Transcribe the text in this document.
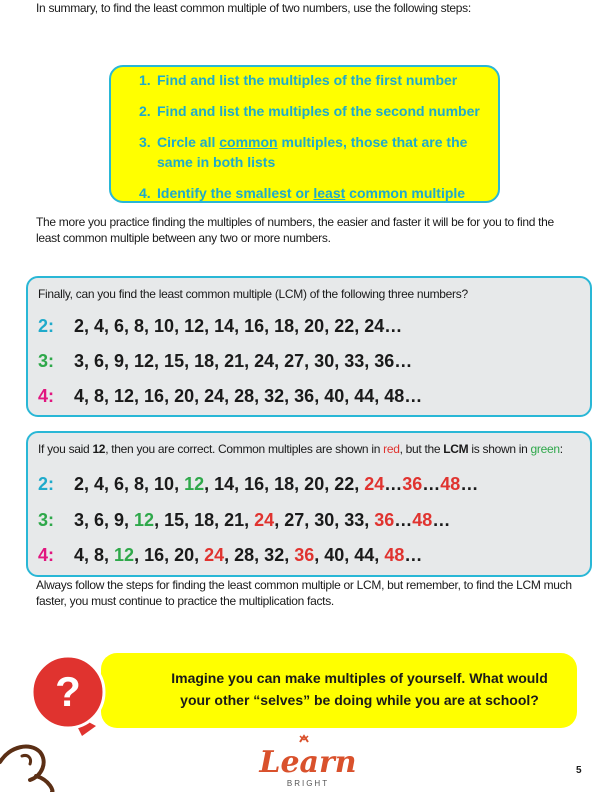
In summary, to find the least common multiple of two numbers, use the following steps:
1. Find and list the multiples of the first number
2. Find and list the multiples of the second number
3. Circle all common multiples, those that are the
same in both lists
4. Identify the smallest or least common multiple
The more you practice finding the multiples of numbers, the easier and faster it will be for you to find the least common multiple between any two or more numbers.
Finally, can you find the least common multiple (LCM) of the following three numbers?
2: 2, 4, 6, 8, 10, 12, 14, 16, 18, 20, 22, 24…
3: 3, 6, 9, 12, 15, 18, 21, 24, 27, 30, 33, 36…
4: 4, 8, 12, 16, 20, 24, 28, 32, 36, 40, 44, 48…
If you said 12, then you are correct. Common multiples are shown in red, but the LCM is shown in green:
2: 2, 4, 6, 8, 10, 12, 14, 16, 18, 20, 22, 24…36…48…
3: 3, 6, 9, 12, 15, 18, 21, 24, 27, 30, 33, 36…48…
4: 4, 8, 12, 16, 20, 24, 28, 32, 36, 40, 44, 48…
Always follow the steps for finding the least common multiple or LCM, but remember, to find the LCM much faster, you must continue to practice the multiplication facts.
Imagine you can make multiples of yourself. What would
your other “selves” be doing while you are at school?
?
Learn
BRIGHT
5
